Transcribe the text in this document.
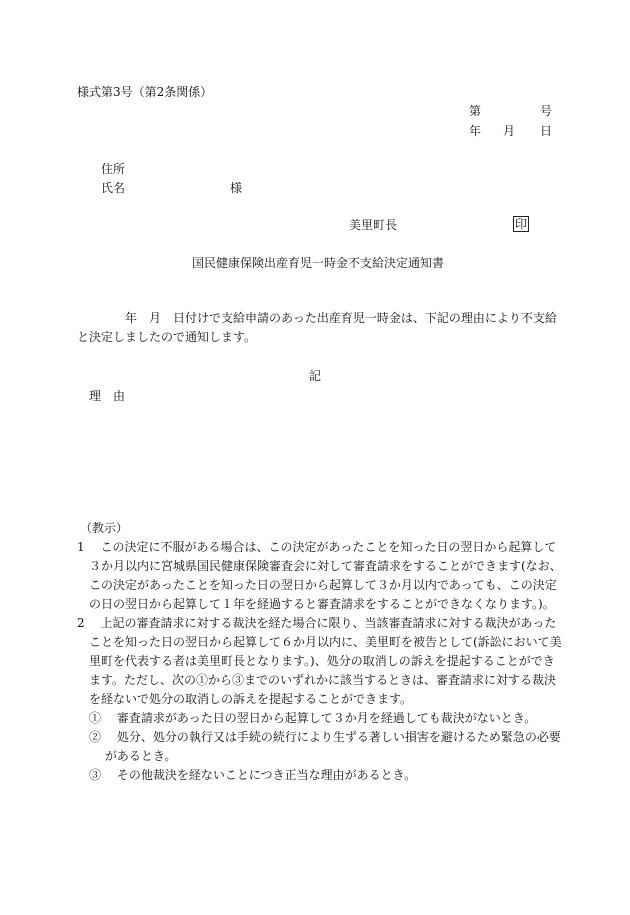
様式第3号（第2条関係）
第	号
年 月 日
住所
氏名	様
美里町長	印
国民健康保険出産育児一時金不支給決定通知書
　　　　年　月　日付けで支給申請のあった出産育児一時金は、下記の理由により不支給
と決定しましたので通知します。
記
理　由
（教示）
1　 この決定に不服がある場合は、この決定があったことを知った日の翌日から起算して
　３か月以内に宮城県国民健康保険審査会に対して審査請求をすることができます(なお、
　この決定があったことを知った日の翌日から起算して３か月以内であっても、この決定
　の日の翌日から起算して１年を経過すると審査請求をすることができなくなります。)。
2　 上記の審査請求に対する裁決を経た場合に限り、当該審査請求に対する裁決があった
　ことを知った日の翌日から起算して６か月以内に、美里町を被告として(訴訟において美
　里町を代表する者は美里町長となります。)、処分の取消しの訴えを提起することができ
　ます。ただし、次の①から③までのいずれかに該当するときは、審査請求に対する裁決
　を経ないで処分の取消しの訴えを提起することができます。
　①　 審査請求があった日の翌日から起算して３か月を経過しても裁決がないとき。
　②　 処分、処分の執行又は手続の続行により生ずる著しい損害を避けるため緊急の必要
　　 があるとき。
　③　 その他裁決を経ないことにつき正当な理由があるとき。
